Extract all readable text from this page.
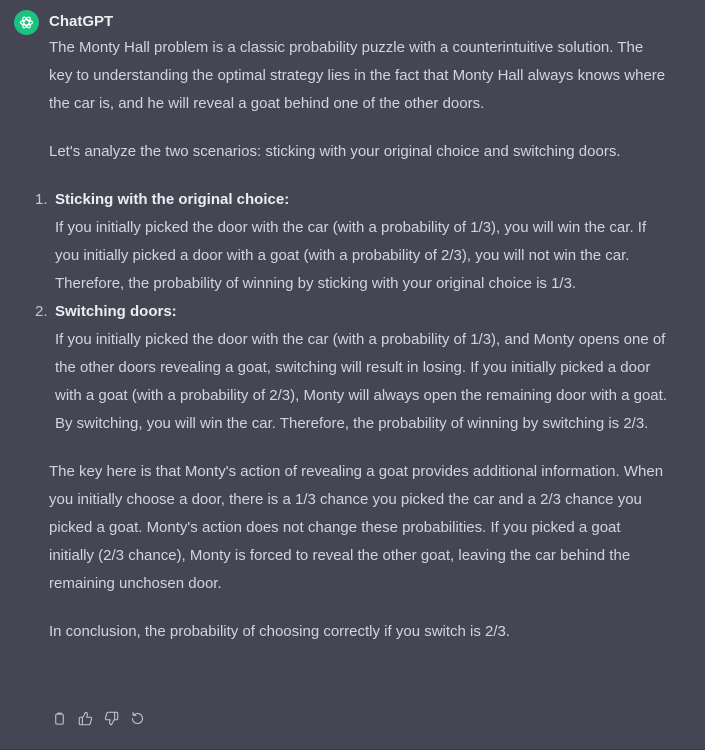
ChatGPT

The Monty Hall problem is a classic probability puzzle with a counterintuitive solution. The key to understanding the optimal strategy lies in the fact that Monty Hall always knows where the car is, and he will reveal a goat behind one of the other doors.

Let's analyze the two scenarios: sticking with your original choice and switching doors.

1. Sticking with the original choice:
If you initially picked the door with the car (with a probability of 1/3), you will win the car. If you initially picked a door with a goat (with a probability of 2/3), you will not win the car. Therefore, the probability of winning by sticking with your original choice is 1/3.
2. Switching doors:
If you initially picked the door with the car (with a probability of 1/3), and Monty opens one of the other doors revealing a goat, switching will result in losing. If you initially picked a door with a goat (with a probability of 2/3), Monty will always open the remaining door with a goat. By switching, you will win the car. Therefore, the probability of winning by switching is 2/3.

The key here is that Monty's action of revealing a goat provides additional information. When you initially choose a door, there is a 1/3 chance you picked the car and a 2/3 chance you picked a goat. Monty's action does not change these probabilities. If you picked a goat initially (2/3 chance), Monty is forced to reveal the other goat, leaving the car behind the remaining unchosen door.

In conclusion, the probability of choosing correctly if you switch is 2/3.
